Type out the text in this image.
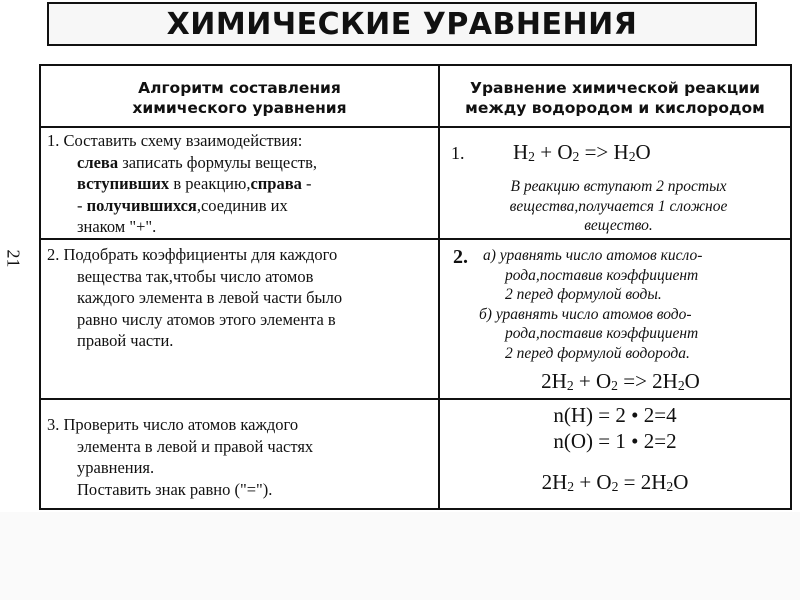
21
ХИМИЧЕСКИЕ УРАВНЕНИЯ
Алгоритм составления
химического уравнения
Уравнение химической реакции
между водородом и кислородом
1. Составить схему взаимодействия:
слева записать формулы веществ,
вступивших в реакцию,справа -
- получившихся,соединив их
знаком "+".
1. $H_2 + O_2 => H_2O$
В реакцию вступают 2 простых
вещества,получается 1 сложное
вещество.
2. Подобрать коэффициенты для каждого
вещества так,чтобы число атомов
каждого элемента в левой части было
равно числу атомов этого элемента в
правой части.
2. а) уравнять число атомов кисло-
рода,поставив коэффициент
2 перед формулой воды.
б) уравнять число атомов водо-
рода,поставив коэффициент
2 перед формулой водорода.
$2H_2 + O_2 => 2H_2O$
3. Проверить число атомов каждого
элемента в левой и правой частях
уравнения.
Поставить знак равно ("=").
n(H) = 2 • 2=4
n(O) = 1 • 2=2
$2H_2 + O_2 = 2H_2O$
